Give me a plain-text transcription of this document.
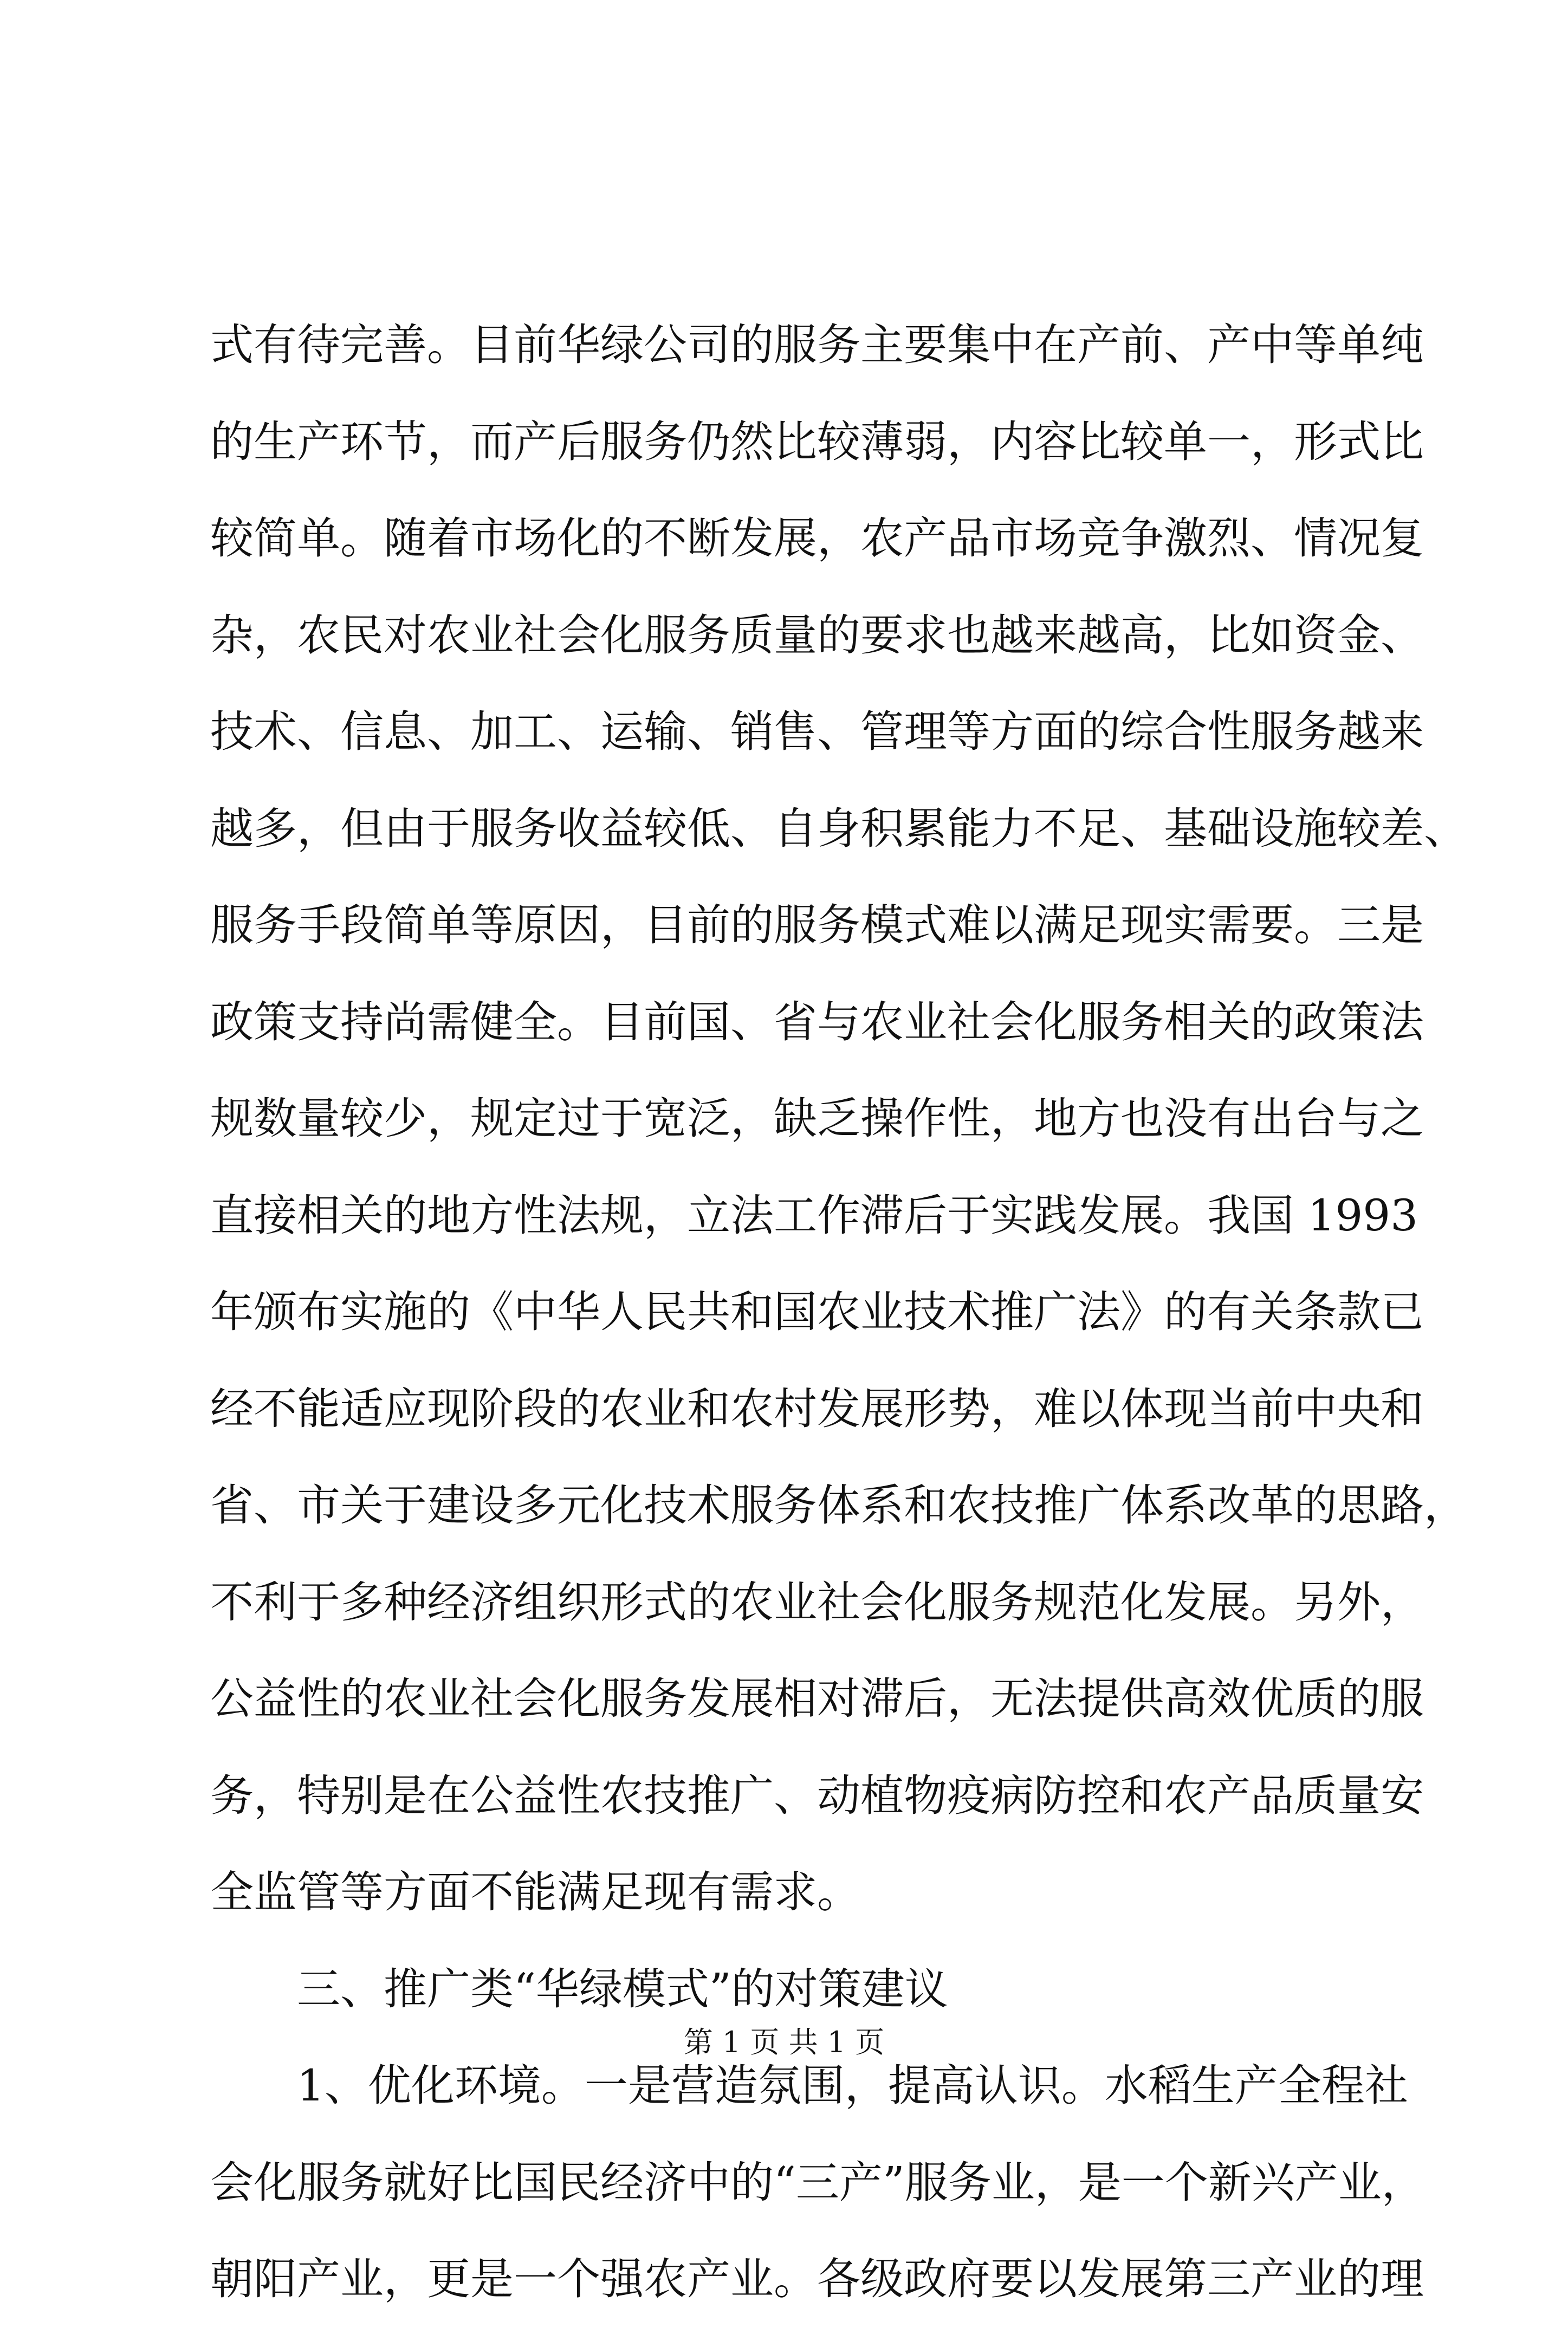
式有待完善。目前华绿公司的服务主要集中在产前、产中等单纯
的生产环节，而产后服务仍然比较薄弱，内容比较单一，形式比
较简单。随着市场化的不断发展，农产品市场竞争激烈、情况复
杂，农民对农业社会化服务质量的要求也越来越高，比如资金、
技术、信息、加工、运输、销售、管理等方面的综合性服务越来
越多，但由于服务收益较低、自身积累能力不足、基础设施较差、
服务手段简单等原因，目前的服务模式难以满足现实需要。三是
政策支持尚需健全。目前国、省与农业社会化服务相关的政策法
规数量较少，规定过于宽泛，缺乏操作性，地方也没有出台与之
直接相关的地方性法规，立法工作滞后于实践发展。我国 1993
年颁布实施的《中华人民共和国农业技术推广法》的有关条款已
经不能适应现阶段的农业和农村发展形势，难以体现当前中央和
省、市关于建设多元化技术服务体系和农技推广体系改革的思路，
不利于多种经济组织形式的农业社会化服务规范化发展。另外，
公益性的农业社会化服务发展相对滞后，无法提供高效优质的服
务，特别是在公益性农技推广、动植物疫病防控和农产品质量安
全监管等方面不能满足现有需求。
三、推广类“华绿模式”的对策建议
1、优化环境。一是营造氛围，提高认识。水稻生产全程社
会化服务就好比国民经济中的“三产”服务业，是一个新兴产业，
朝阳产业，更是一个强农产业。各级政府要以发展第三产业的理
第 1 页 共 1 页
